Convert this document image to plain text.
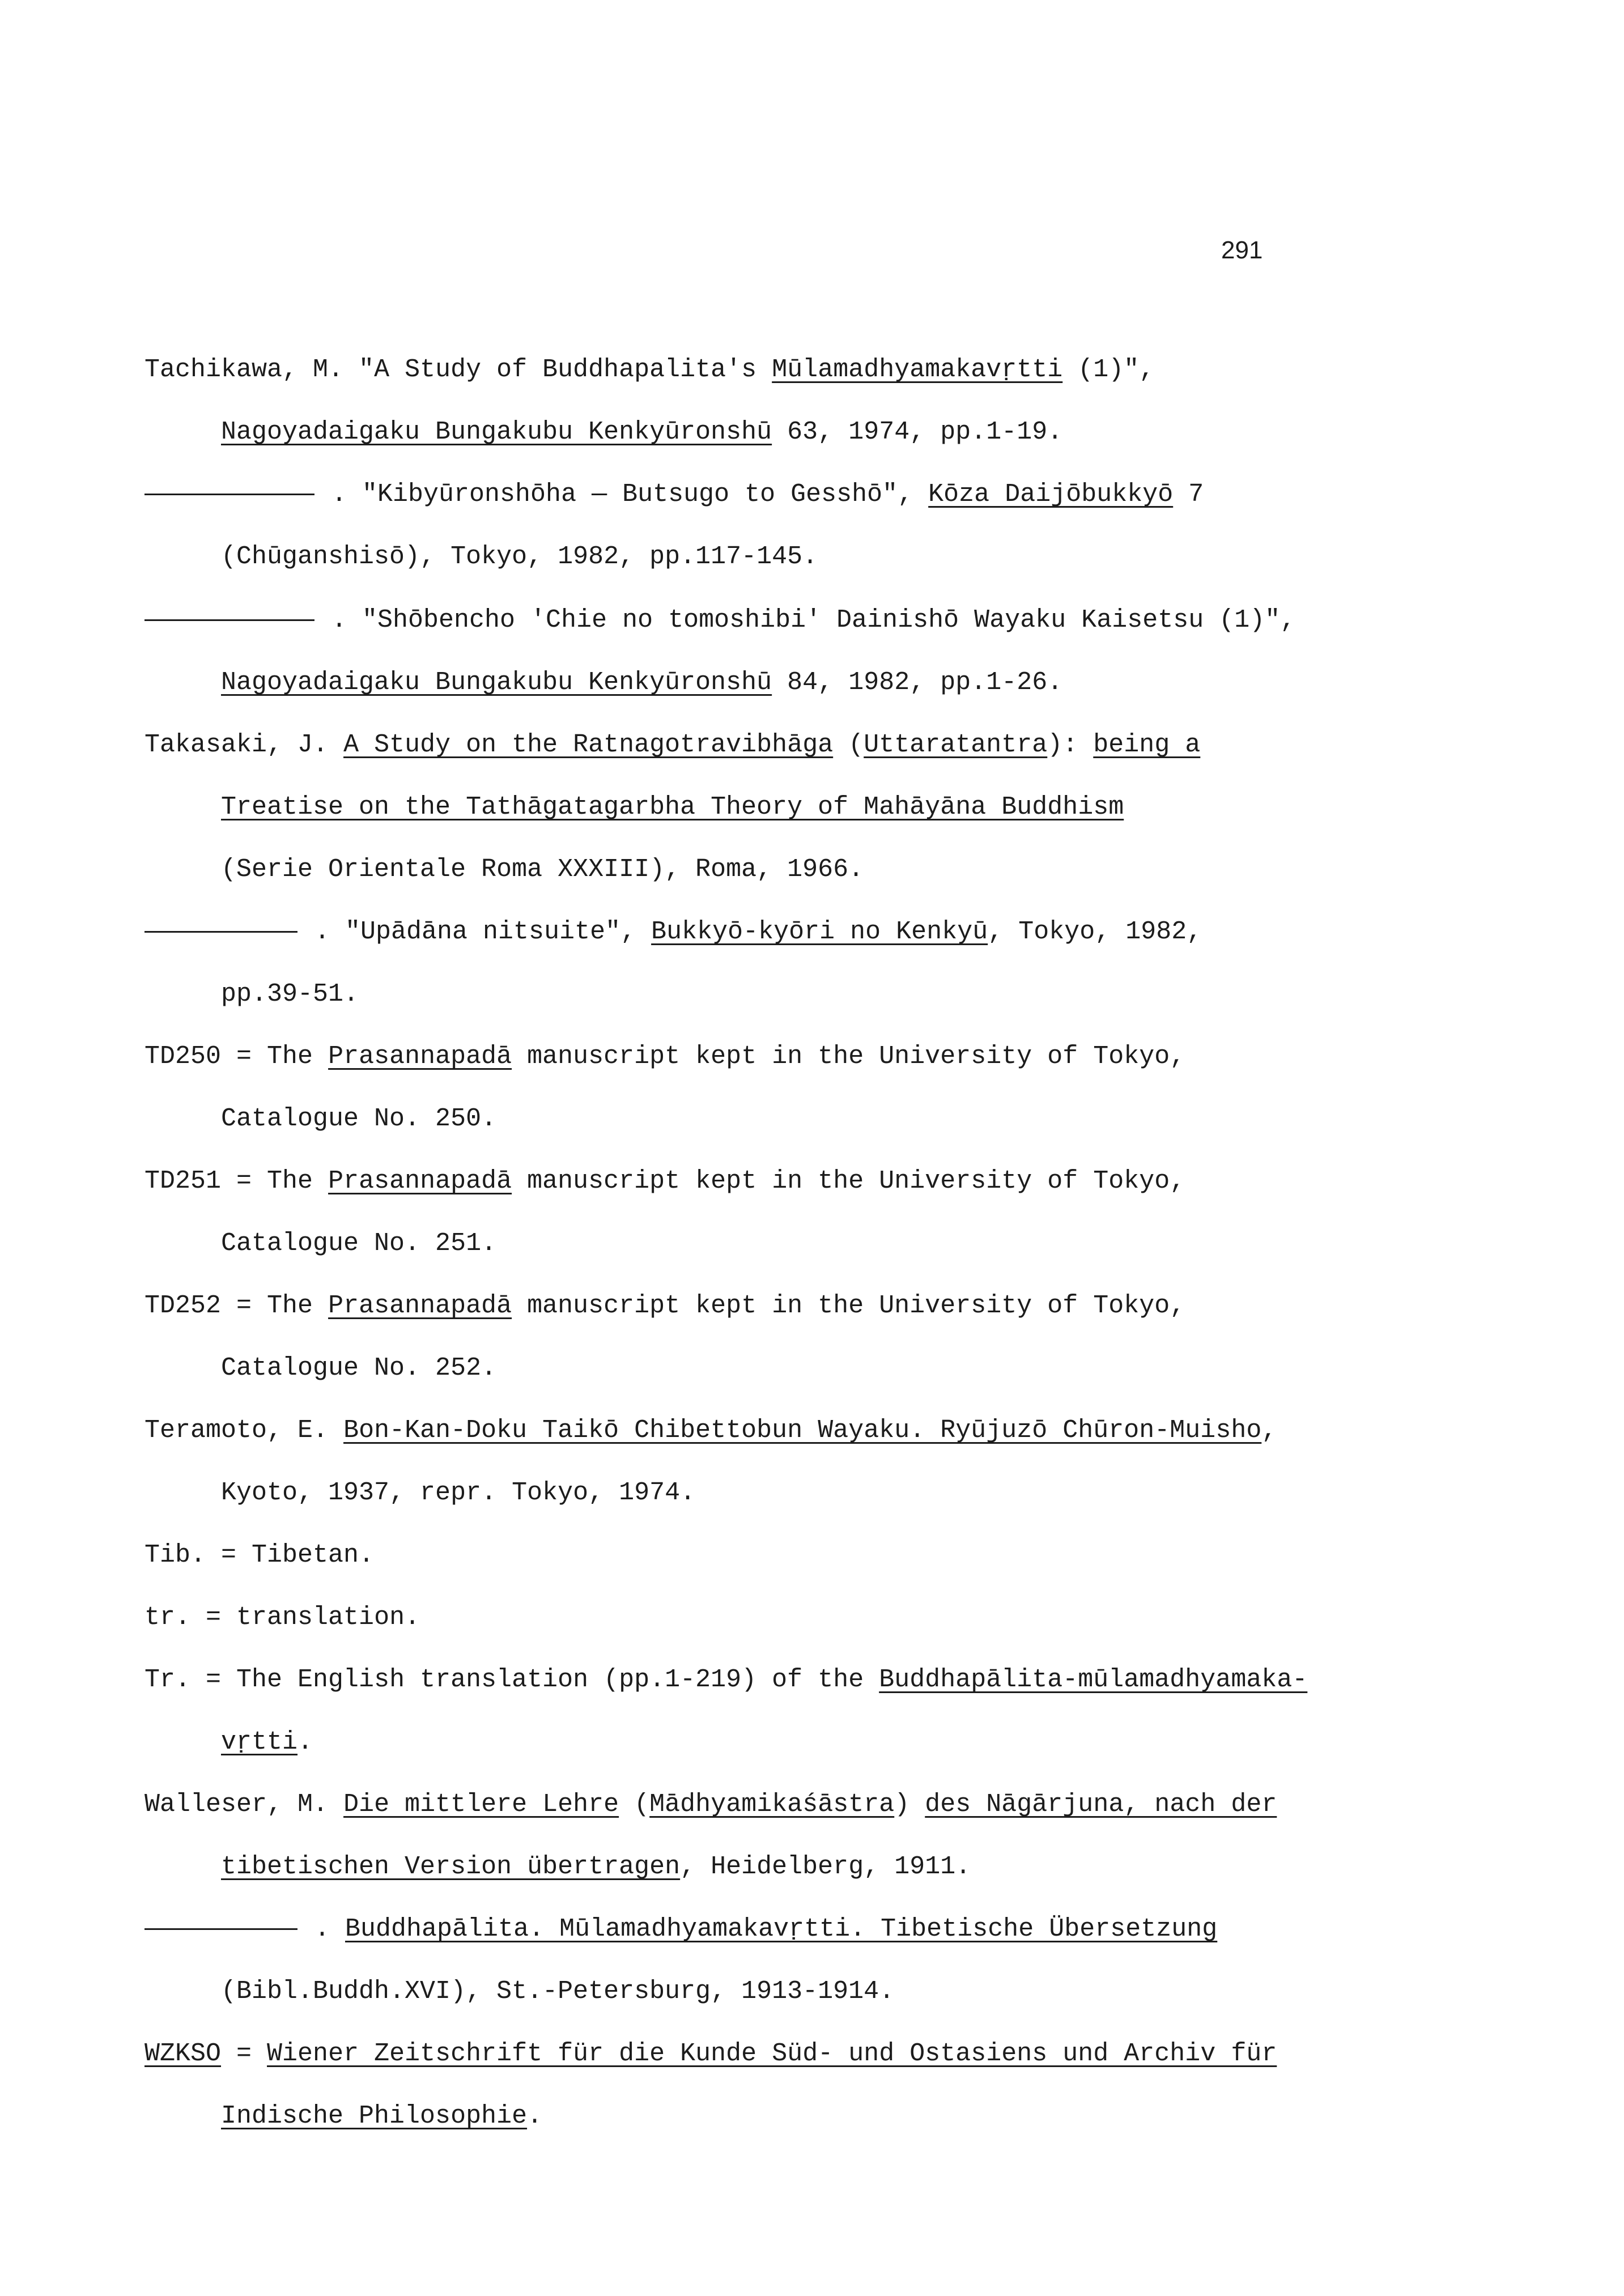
291
Tachikawa, M. "A Study of Buddhapalita's Mūlamadhyamakavṛtti (1)",
Nagoyadaigaku Bungakubu Kenkyūronshū 63, 1974, pp.1-19.
. "Kibyūronshōha — Butsugo to Gesshō", Kōza Daijōbukkyō 7
(Chūganshisō), Tokyo, 1982, pp.117-145.
. "Shōbencho 'Chie no tomoshibi' Dainishō Wayaku Kaisetsu (1)",
Nagoyadaigaku Bungakubu Kenkyūronshū 84, 1982, pp.1-26.
Takasaki, J. A Study on the Ratnagotravibhāga (Uttaratantra): being a
Treatise on the Tathāgatagarbha Theory of Mahāyāna Buddhism
(Serie Orientale Roma XXXIII), Roma, 1966.
. "Upādāna nitsuite", Bukkyō-kyōri no Kenkyū, Tokyo, 1982,
pp.39-51.
TD250 = The Prasannapadā manuscript kept in the University of Tokyo,
Catalogue No. 250.
TD251 = The Prasannapadā manuscript kept in the University of Tokyo,
Catalogue No. 251.
TD252 = The Prasannapadā manuscript kept in the University of Tokyo,
Catalogue No. 252.
Teramoto, E. Bon-Kan-Doku Taikō Chibettobun Wayaku. Ryūjuzō Chūron-Muisho,
Kyoto, 1937, repr. Tokyo, 1974.
Tib. = Tibetan.
tr. = translation.
Tr. = The English translation (pp.1-219) of the Buddhapālita-mūlamadhyamaka-
vṛtti.
Walleser, M. Die mittlere Lehre (Mādhyamikaśāstra) des Nāgārjuna, nach der
tibetischen Version übertragen, Heidelberg, 1911.
. Buddhapālita. Mūlamadhyamakavṛtti. Tibetische Übersetzung
(Bibl.Buddh.XVI), St.-Petersburg, 1913-1914.
WZKSO = Wiener Zeitschrift für die Kunde Süd- und Ostasiens und Archiv für
Indische Philosophie.
